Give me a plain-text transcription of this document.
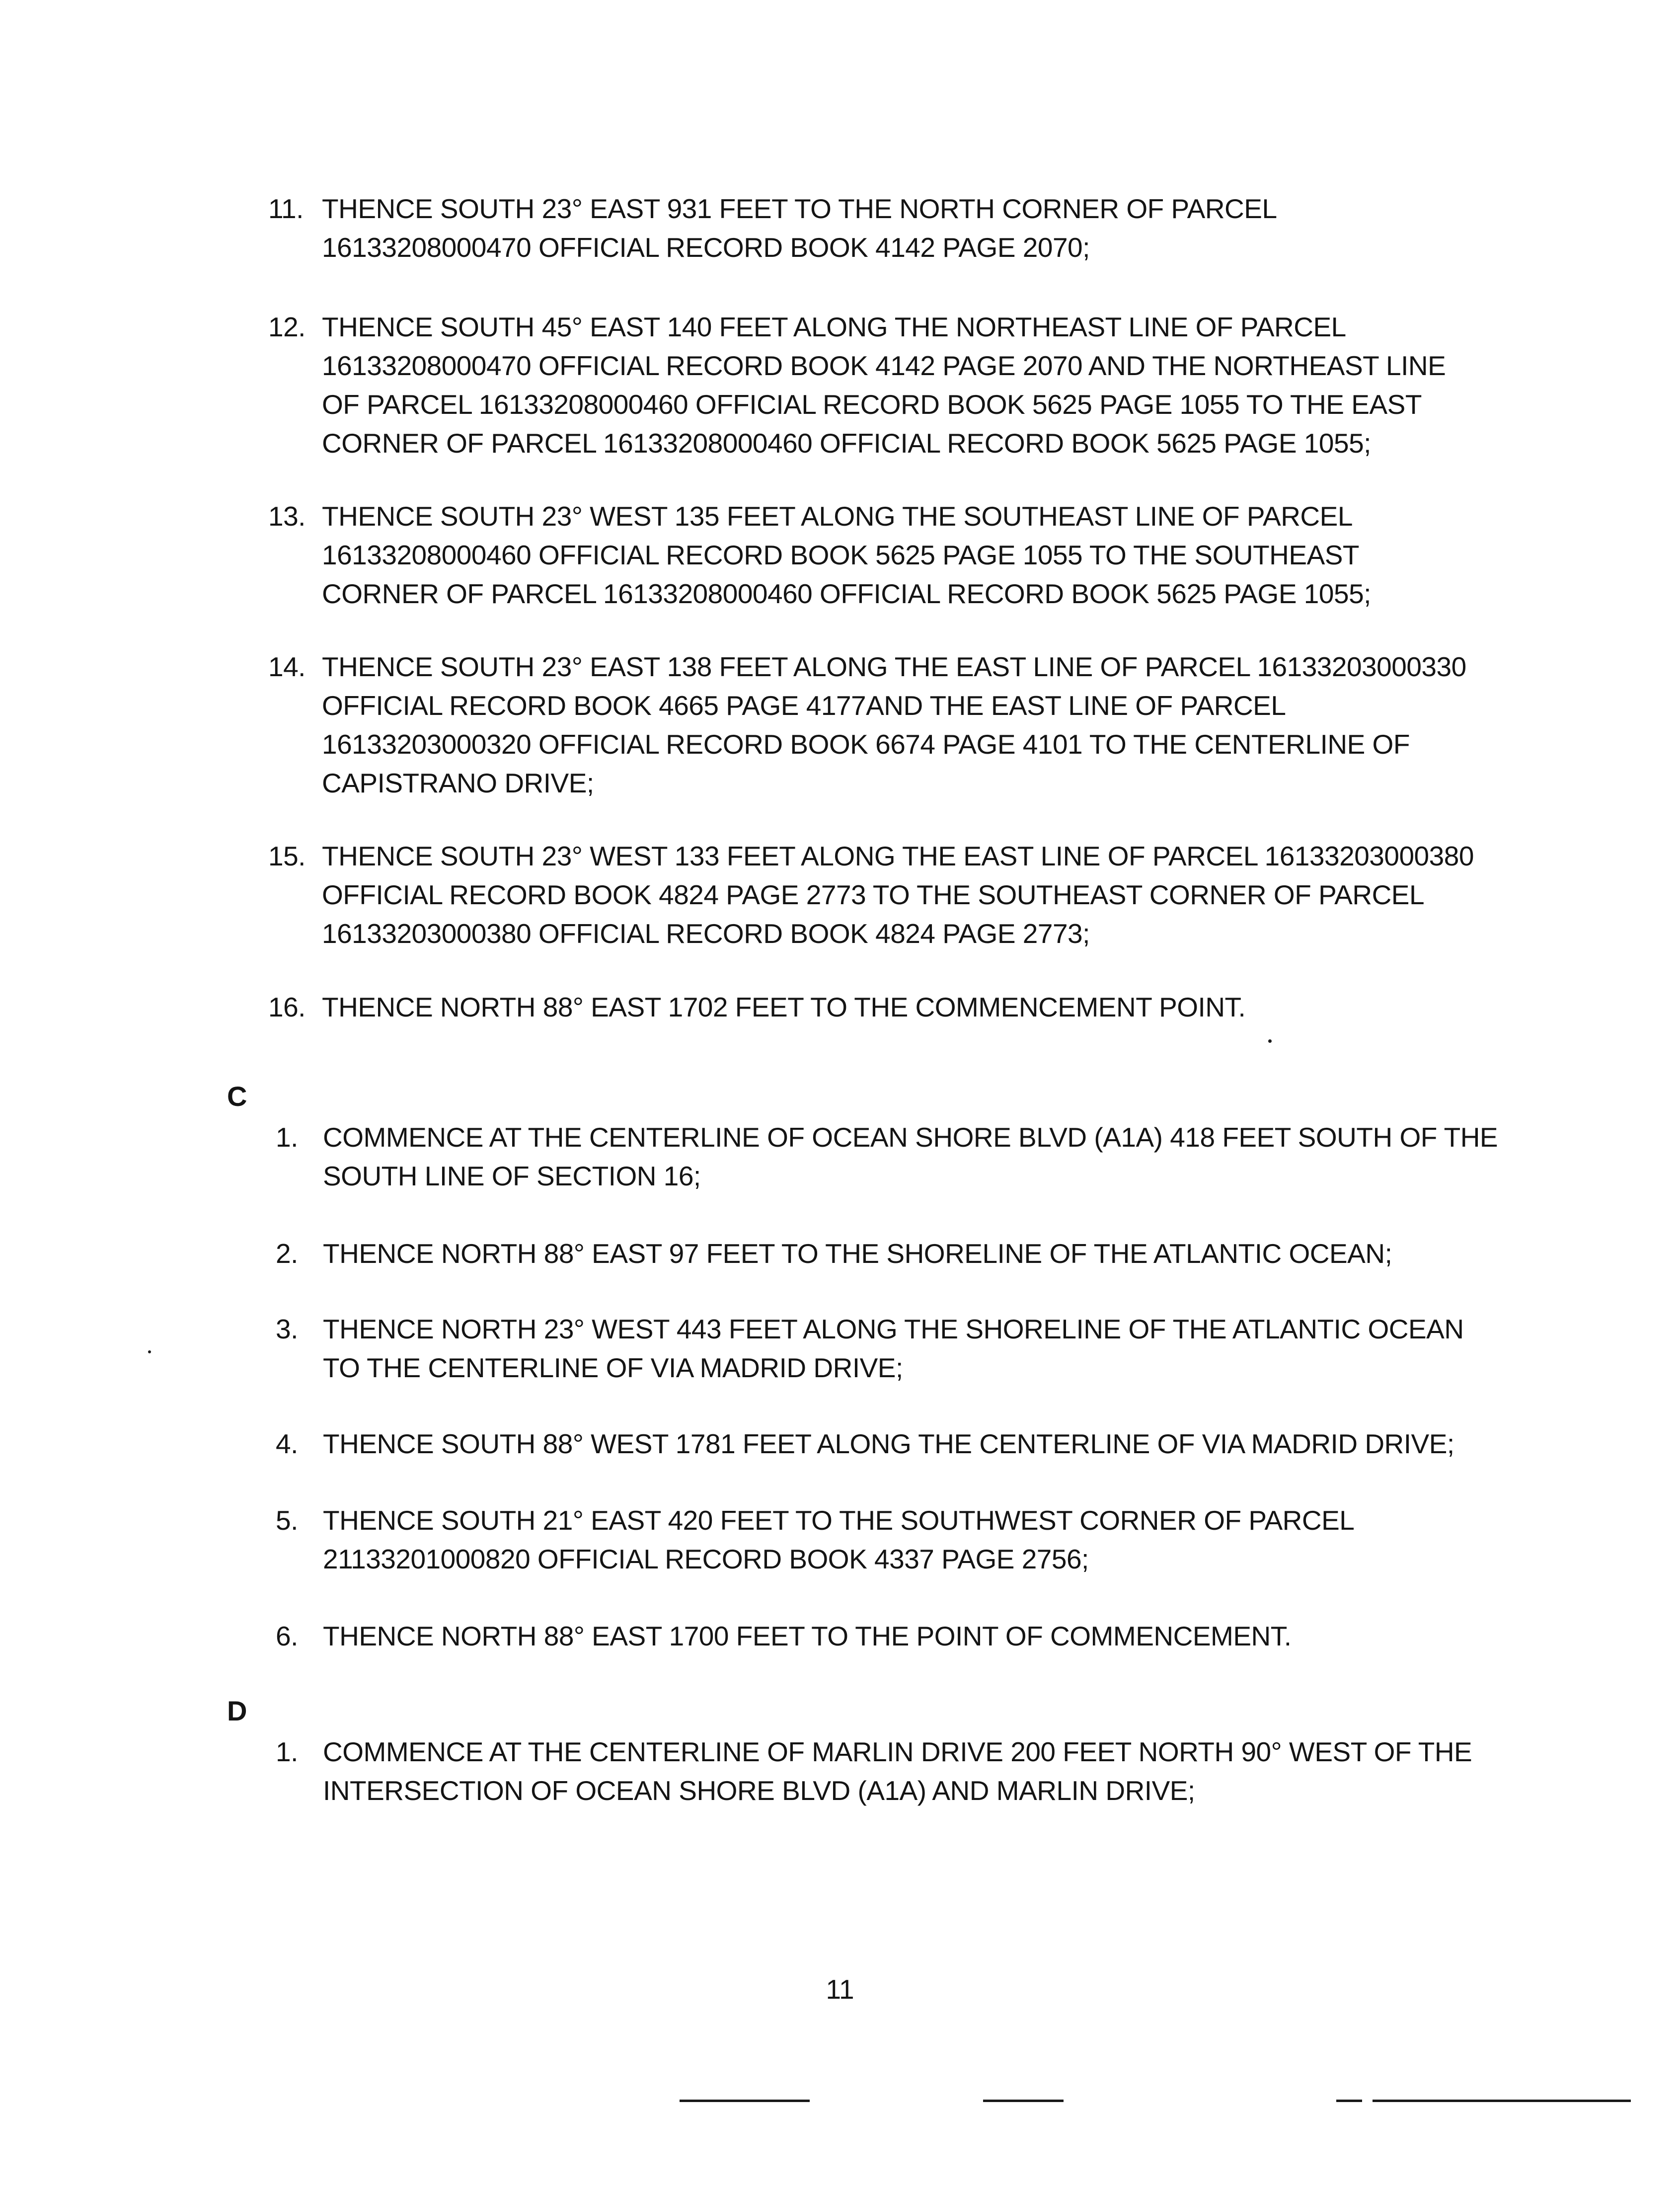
11. THENCE SOUTH 23° EAST 931 FEET TO THE NORTH CORNER OF PARCEL
16133208000470 OFFICIAL RECORD BOOK 4142 PAGE 2070;
12. THENCE SOUTH 45° EAST 140 FEET ALONG THE NORTHEAST LINE OF PARCEL
16133208000470 OFFICIAL RECORD BOOK 4142 PAGE 2070 AND THE NORTHEAST LINE
OF PARCEL 16133208000460 OFFICIAL RECORD BOOK 5625 PAGE 1055 TO THE EAST
CORNER OF PARCEL 16133208000460 OFFICIAL RECORD BOOK 5625 PAGE 1055;
13. THENCE SOUTH 23° WEST 135 FEET ALONG THE SOUTHEAST LINE OF PARCEL
16133208000460 OFFICIAL RECORD BOOK 5625 PAGE 1055 TO THE SOUTHEAST
CORNER OF PARCEL 16133208000460 OFFICIAL RECORD BOOK 5625 PAGE 1055;
14. THENCE SOUTH 23° EAST 138 FEET ALONG THE EAST LINE OF PARCEL 16133203000330
OFFICIAL RECORD BOOK 4665 PAGE 4177AND THE EAST LINE OF PARCEL
16133203000320 OFFICIAL RECORD BOOK 6674 PAGE 4101 TO THE CENTERLINE OF
CAPISTRANO DRIVE;
15. THENCE SOUTH 23° WEST 133 FEET ALONG THE EAST LINE OF PARCEL 16133203000380
OFFICIAL RECORD BOOK 4824 PAGE 2773 TO THE SOUTHEAST CORNER OF PARCEL
16133203000380 OFFICIAL RECORD BOOK 4824 PAGE 2773;
16. THENCE NORTH 88° EAST 1702 FEET TO THE COMMENCEMENT POINT.
C
1. COMMENCE AT THE CENTERLINE OF OCEAN SHORE BLVD (A1A) 418 FEET SOUTH OF THE
SOUTH LINE OF SECTION 16;
2. THENCE NORTH 88° EAST 97 FEET TO THE SHORELINE OF THE ATLANTIC OCEAN;
3. THENCE NORTH 23° WEST 443 FEET ALONG THE SHORELINE OF THE ATLANTIC OCEAN
TO THE CENTERLINE OF VIA MADRID DRIVE;
4. THENCE SOUTH 88° WEST 1781 FEET ALONG THE CENTERLINE OF VIA MADRID DRIVE;
5. THENCE SOUTH 21° EAST 420 FEET TO THE SOUTHWEST CORNER OF PARCEL
21133201000820 OFFICIAL RECORD BOOK 4337 PAGE 2756;
6. THENCE NORTH 88° EAST 1700 FEET TO THE POINT OF COMMENCEMENT.
D
1. COMMENCE AT THE CENTERLINE OF MARLIN DRIVE 200 FEET NORTH 90° WEST OF THE
INTERSECTION OF OCEAN SHORE BLVD (A1A) AND MARLIN DRIVE;
11
